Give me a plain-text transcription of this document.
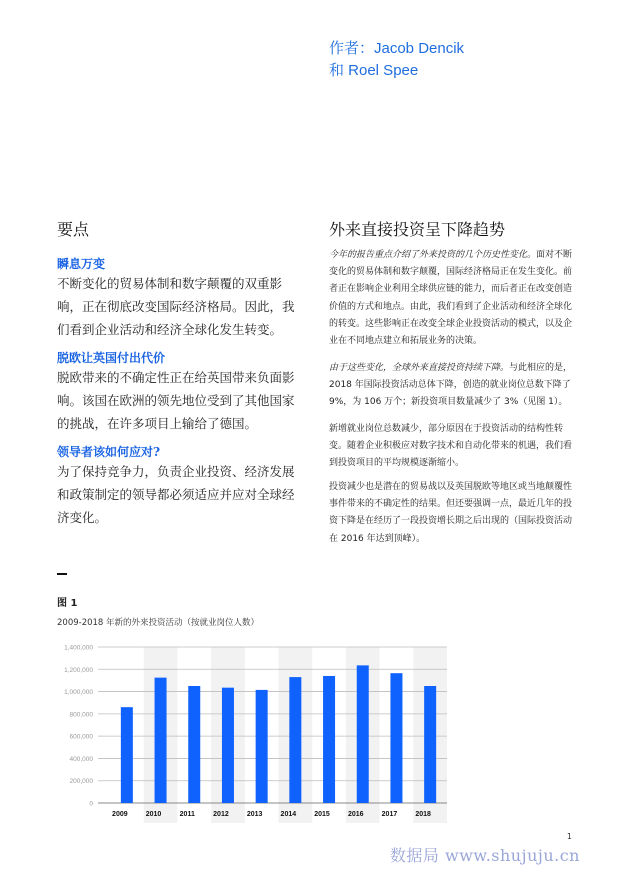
作者：Jacob Dencik
和 Roel Spee
要点
瞬息万变
不断变化的贸易体制和数字颠覆的双重影
响，正在彻底改变国际经济格局。因此，我
们看到企业活动和经济全球化发生转变。
脱欧让英国付出代价
脱欧带来的不确定性正在给英国带来负面影
响。该国在欧洲的领先地位受到了其他国家
的挑战，在许多项目上输给了德国。
领导者该如何应对?
为了保持竞争力，负责企业投资、经济发展
和政策制定的领导都必须适应并应对全球经
济变化。
外来直接投资呈下降趋势

今年的报告重点介绍了外来投资的几个历史性变化。面对不断变化的贸易体制和数字颠覆，国际经济格局正在发生变化。前者正在影响企业利用全球供应链的能力，而后者正在改变创造价值的方式和地点。由此，我们看到了企业活动和经济全球化的转变。这些影响正在改变全球企业投资活动的模式，以及企业在不同地点建立和拓展业务的决策。

由于这些变化，全球外来直接投资持续下降。与此相应的是，2018 年国际投资活动总体下降，创造的就业岗位总数下降了 9%，为 106 万个；新投资项目数量减少了 3%（见图 1）。

新增就业岗位总数减少，部分原因在于投资活动的结构性转变。随着企业积极应对数字技术和自动化带来的机遇，我们看到投资项目的平均规模逐渐缩小。

投资减少也是潜在的贸易战以及英国脱欧等地区或当地颠覆性事件带来的不确定性的结果。但还要强调一点，最近几年的投资下降是在经历了一段投资增长期之后出现的（国际投资活动在 2016 年达到顶峰）。

图 1
2009-2018 年新的外来投资活动（按就业岗位人数）
0
200,000
400,000
600,000
800,000
1,000,000
1,200,000
1,400,000
2009	2010	2011	2012	2013	2014	2015	2016	2017	2018
1
数据局 www.shujuju.cn
